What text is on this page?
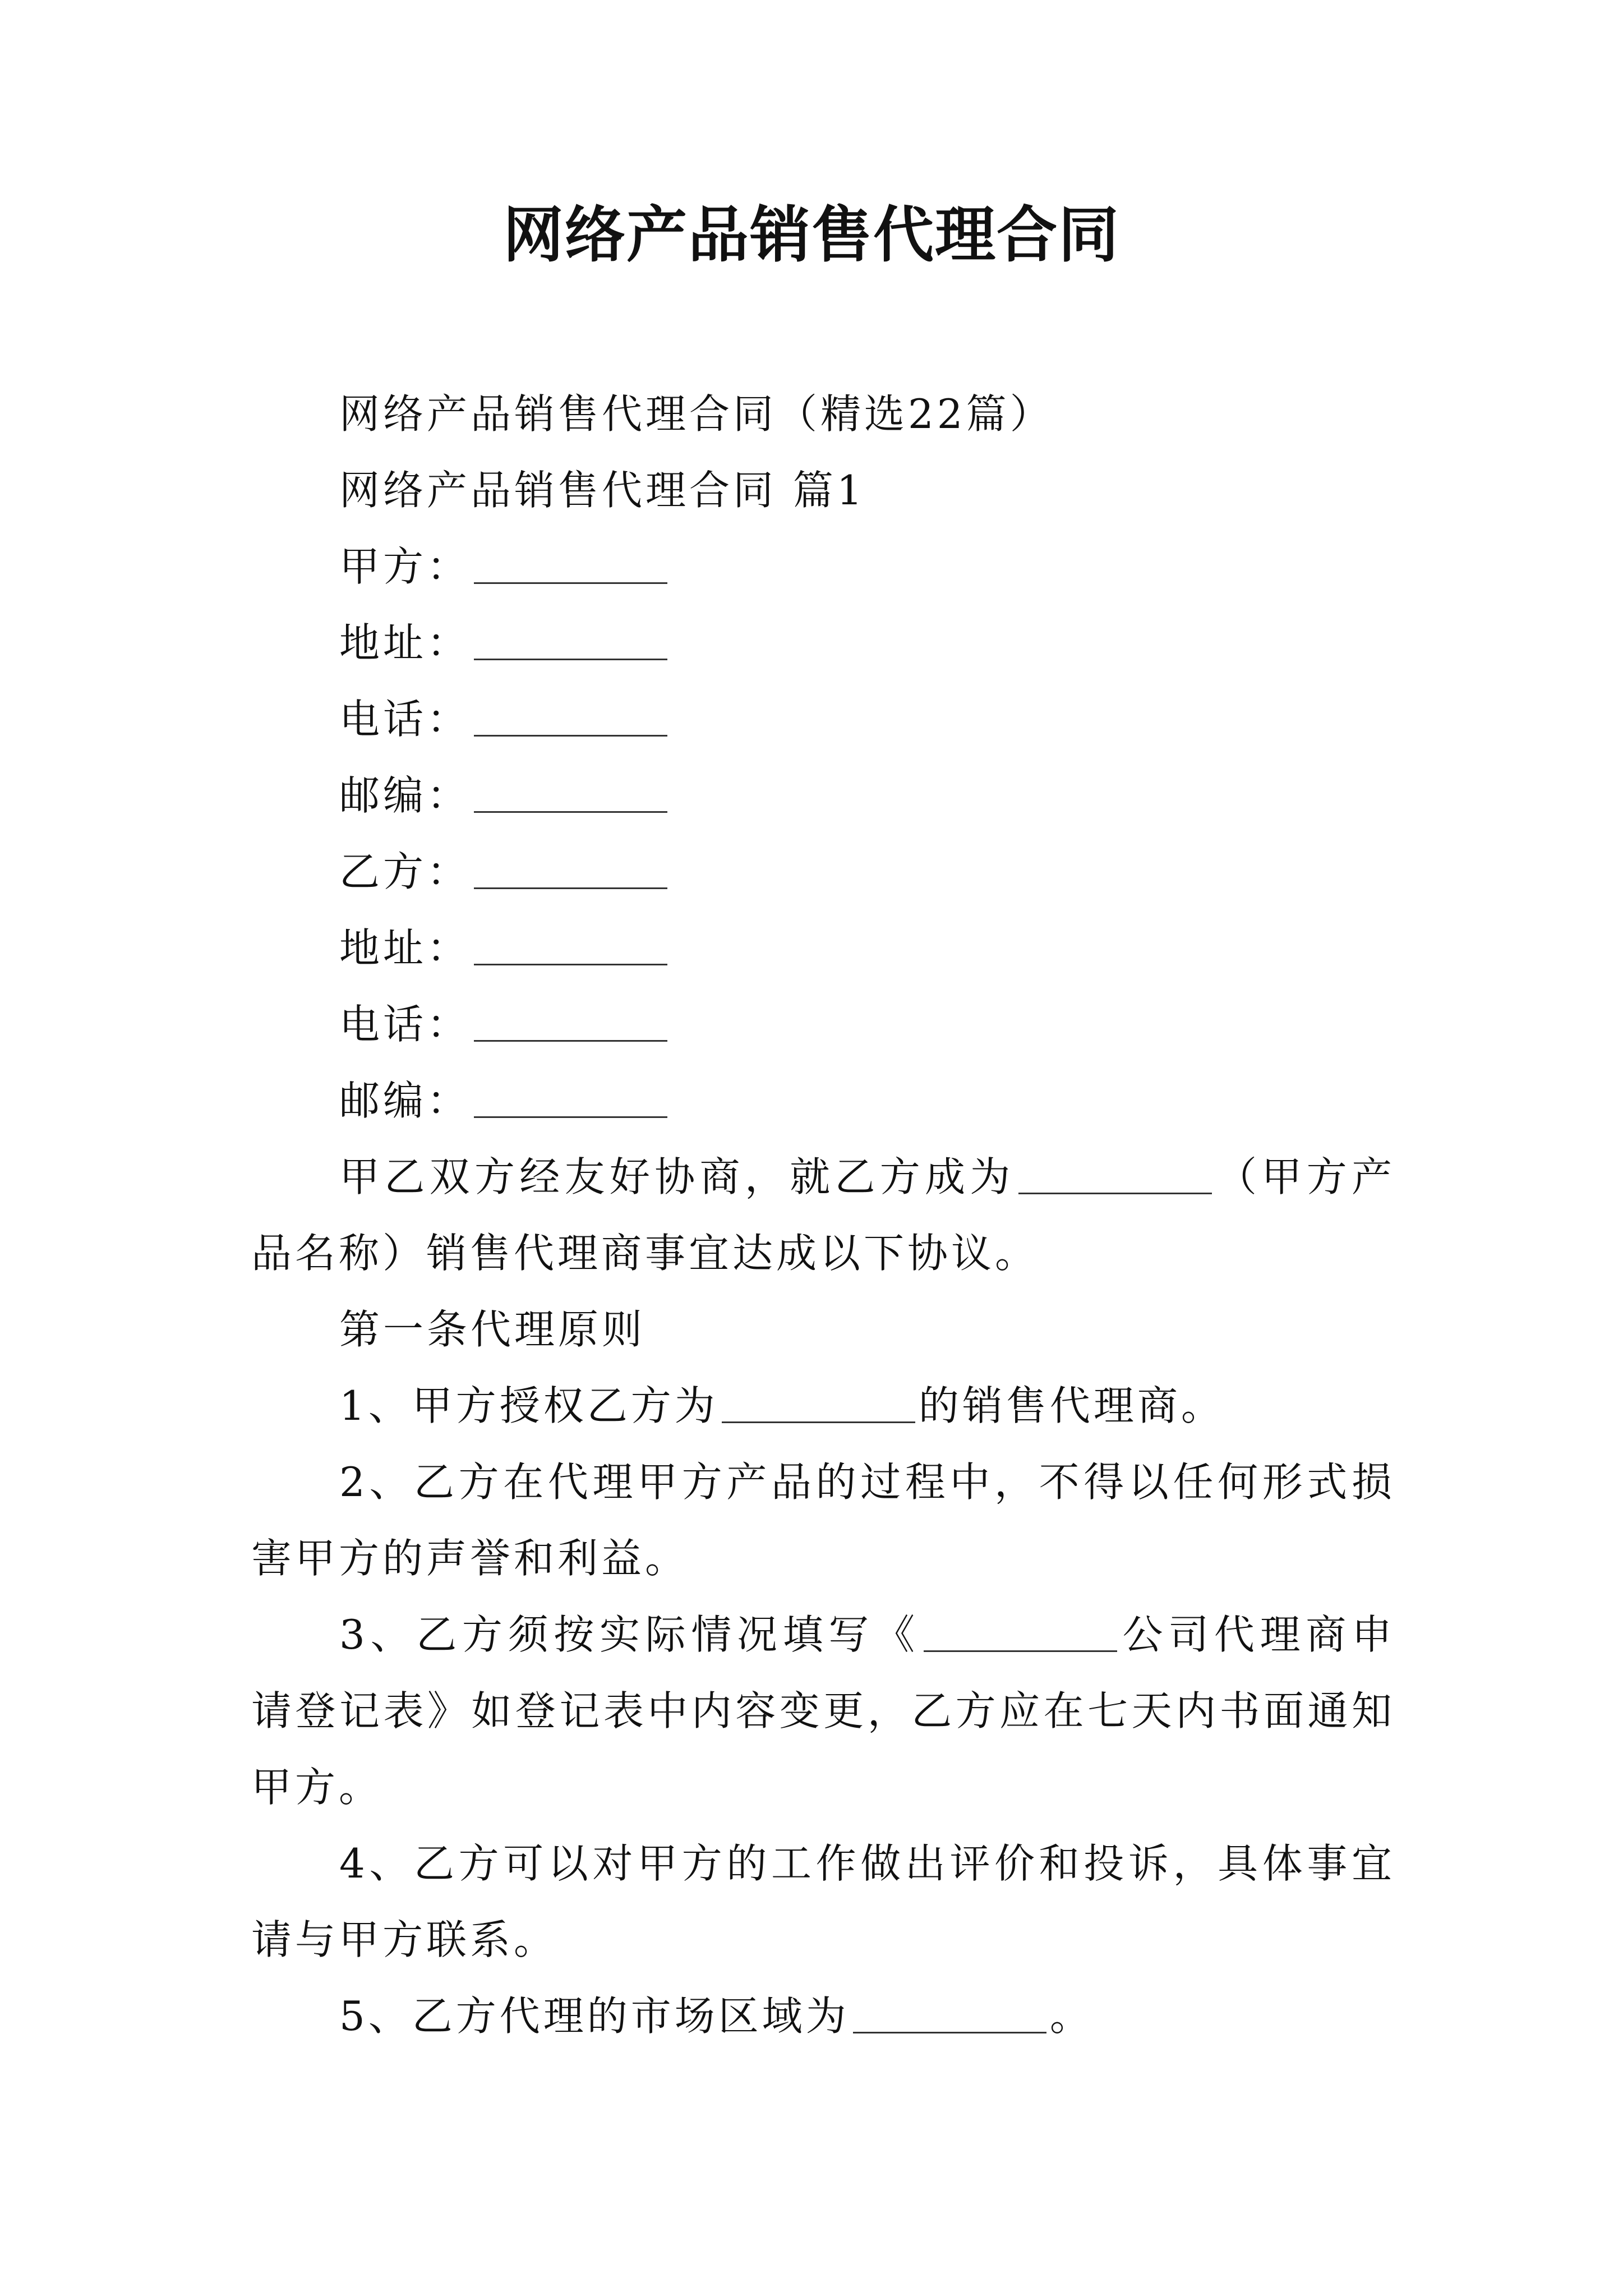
网络产品销售代理合同

网络产品销售代理合同（精选22篇）

网络产品销售代理合同 篇1

甲方：

地址：

电话：

邮编：

乙方：

地址：

电话：

邮编：

甲乙双方经友好协商，就乙方成为	（甲方产品名称）销售代理商事宜达成以下协议。

第一条代理原则

1、甲方授权乙方为	的销售代理商。

2、乙方在代理甲方产品的过程中，不得以任何形式损害甲方的声誉和利益。

3、乙方须按实际情况填写《	公司代理商申请登记表》如登记表中内容变更，乙方应在七天内书面通知甲方。

4、乙方可以对甲方的工作做出评价和投诉，具体事宜请与甲方联系。

5、乙方代理的市场区域为	。
